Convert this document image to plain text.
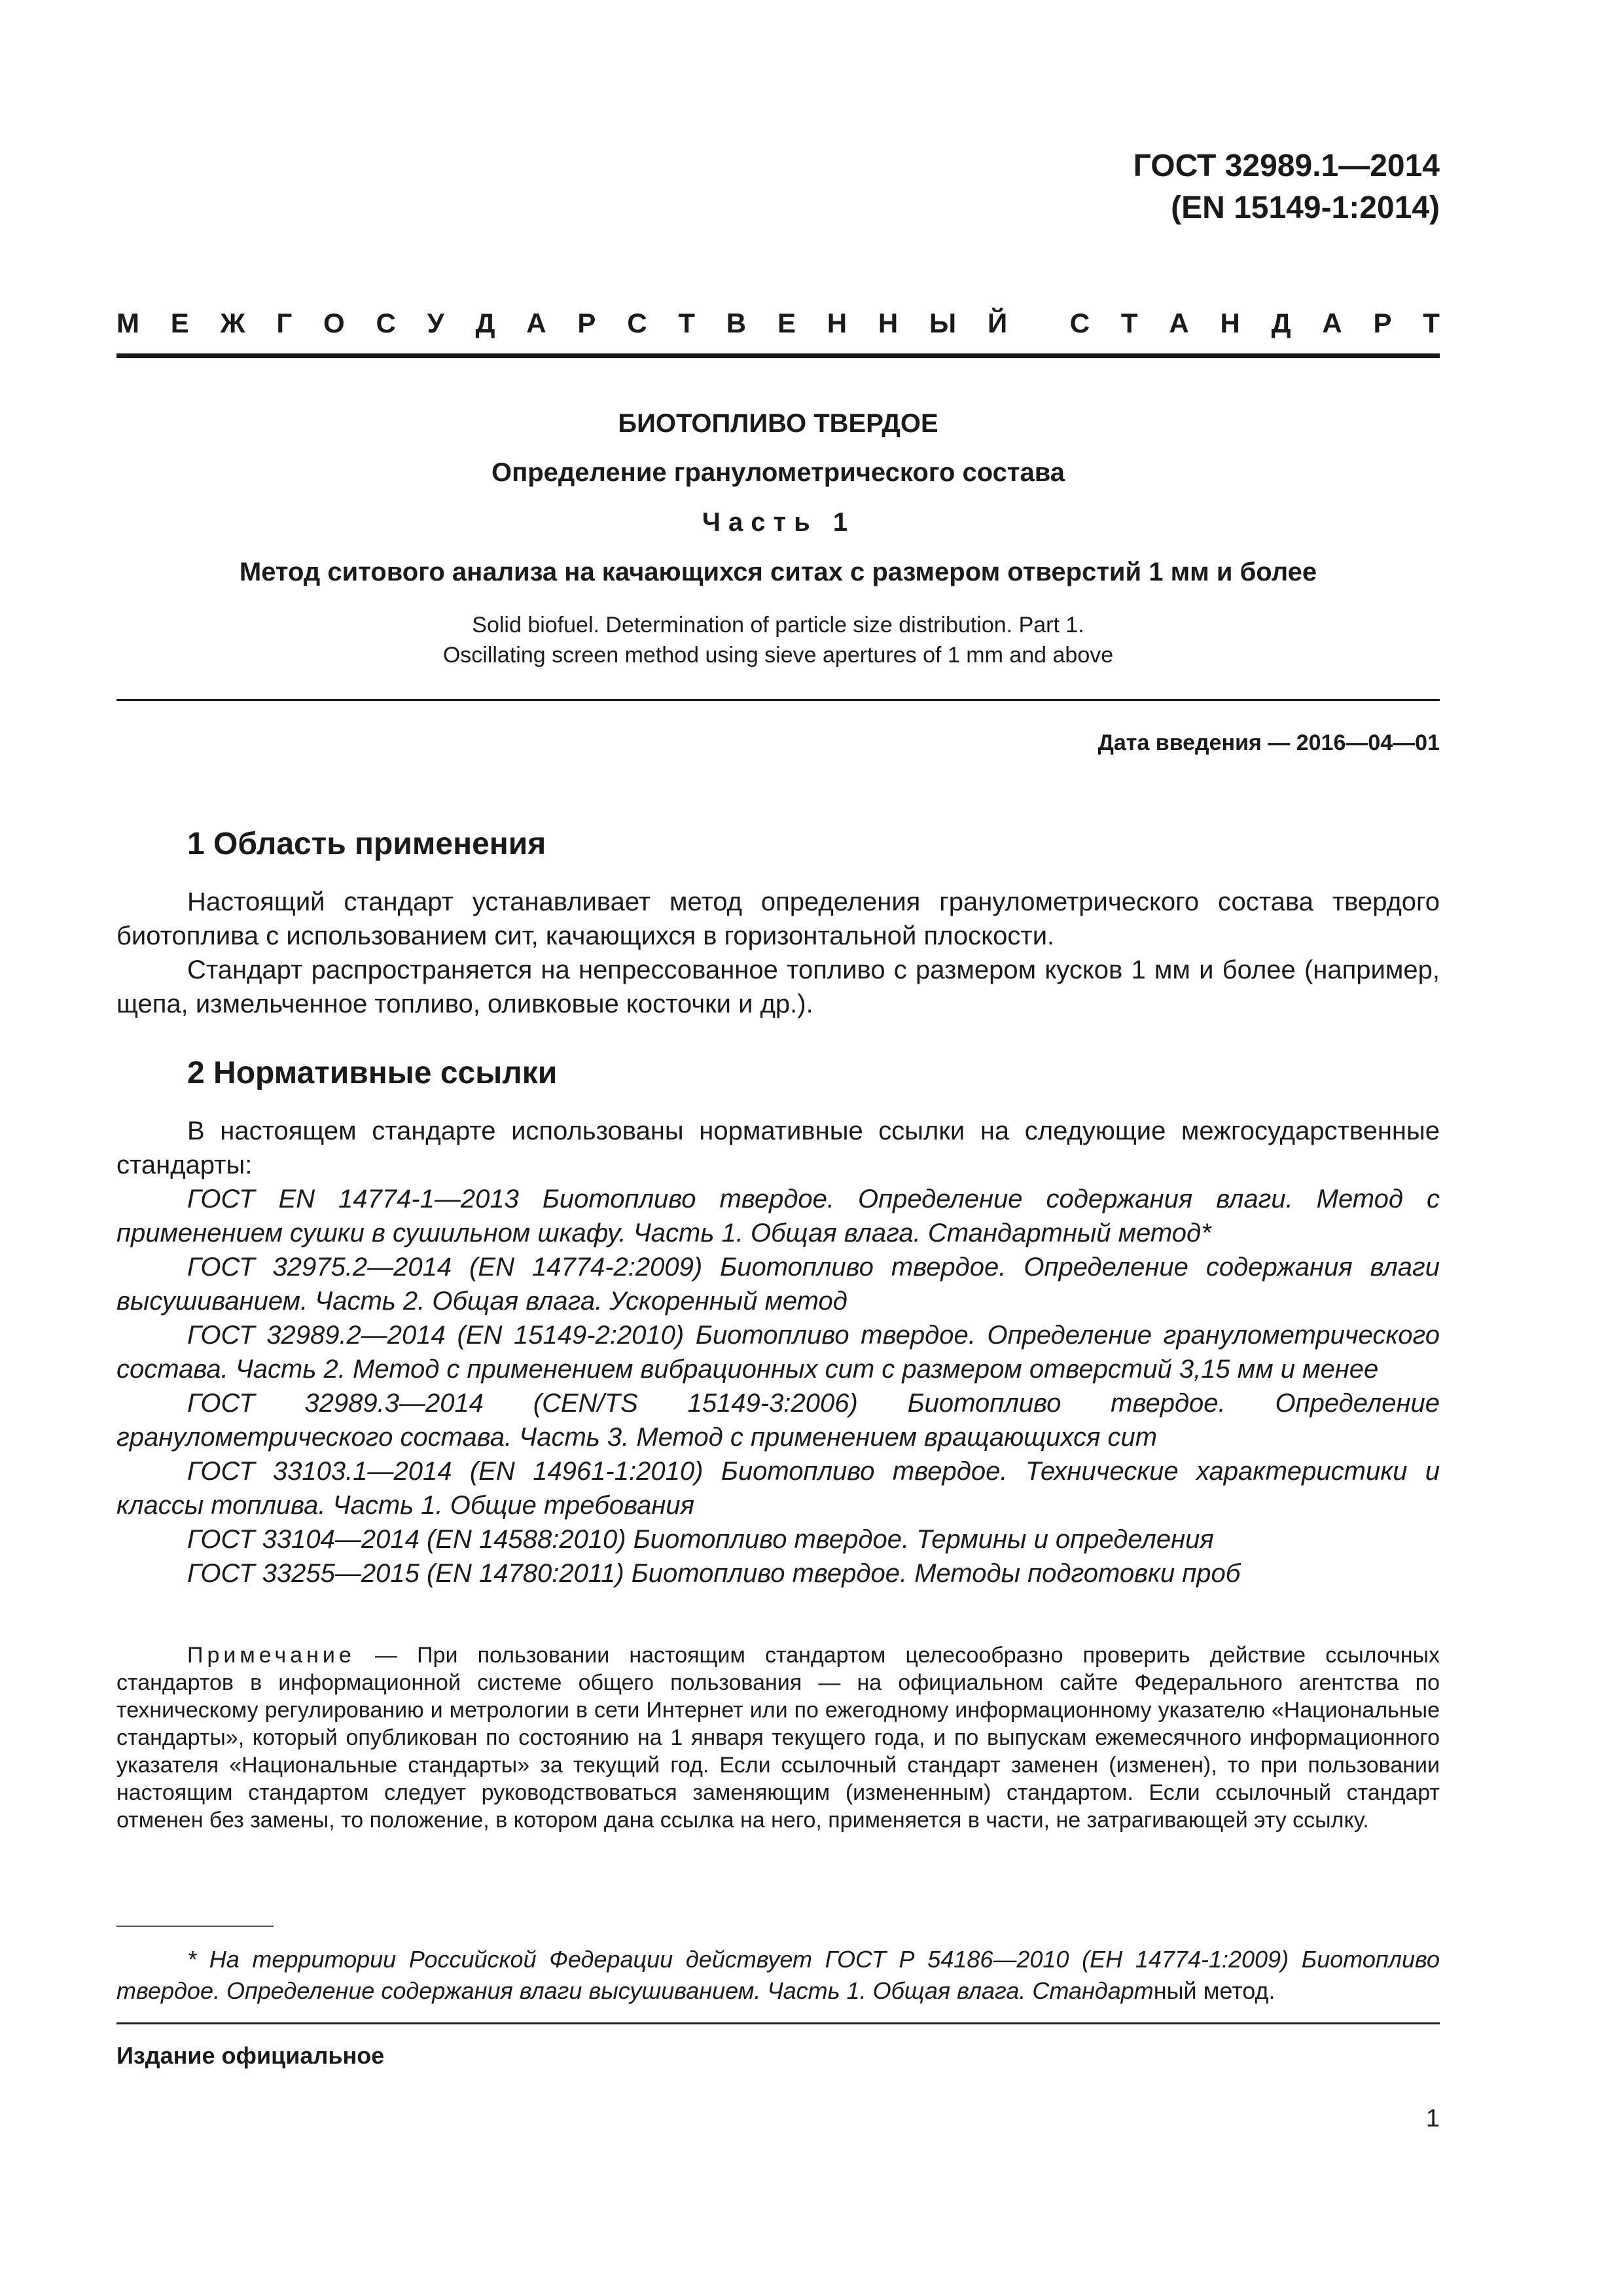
ГОСТ 32989.1—2014
(EN 15149-1:2014)
М Е Ж Г О С У Д А Р С Т В Е Н Н Ы Й С Т А Н Д А Р Т
БИОТОПЛИВО ТВЕРДОЕ
Определение гранулометрического состава
Часть 1
Метод ситового анализа на качающихся ситах с размером отверстий 1 мм и более
Solid biofuel. Determination of particle size distribution. Part 1.
Oscillating screen method using sieve apertures of 1 mm and above
Дата введения — 2016—04—01
1 Область применения

Настоящий стандарт устанавливает метод определения гранулометрического состава твердого биотоплива с использованием сит, качающихся в горизонтальной плоскости.

Стандарт распространяется на непрессованное топливо с размером кусков 1 мм и более (например, щепа, измельченное топливо, оливковые косточки и др.).

2 Нормативные ссылки

В настоящем стандарте использованы нормативные ссылки на следующие межгосударственные стандарты:

ГОСТ EN 14774-1—2013 Биотопливо твердое. Определение содержания влаги. Метод с применением сушки в сушильном шкафу. Часть 1. Общая влага. Стандартный метод*

ГОСТ 32975.2—2014 (EN 14774-2:2009) Биотопливо твердое. Определение содержания влаги высушиванием. Часть 2. Общая влага. Ускоренный метод

ГОСТ 32989.2—2014 (EN 15149-2:2010) Биотопливо твердое. Определение гранулометрического состава. Часть 2. Метод с применением вибрационных сит с размером отверстий 3,15 мм и менее

ГОСТ 32989.3—2014 (CEN/TS 15149-3:2006) Биотопливо твердое. Определение гранулометрического состава. Часть 3. Метод с применением вращающихся сит

ГОСТ 33103.1—2014 (EN 14961-1:2010) Биотопливо твердое. Технические характеристики и классы топлива. Часть 1. Общие требования

ГОСТ 33104—2014 (EN 14588:2010) Биотопливо твердое. Термины и определения

ГОСТ 33255—2015 (EN 14780:2011) Биотопливо твердое. Методы подготовки проб

Примечание — При пользовании настоящим стандартом целесообразно проверить действие ссылочных стандартов в информационной системе общего пользования — на официальном сайте Федерального агентства по техническому регулированию и метрологии в сети Интернет или по ежегодному информационному указателю «Национальные стандарты», который опубликован по состоянию на 1 января текущего года, и по выпускам ежемесячного информационного указателя «Национальные стандарты» за текущий год. Если ссылочный стандарт заменен (изменен), то при пользовании настоящим стандартом следует руководствоваться заменяющим (измененным) стандартом. Если ссылочный стандарт отменен без замены, то положение, в котором дана ссылка на него, применяется в части, не затрагивающей эту ссылку.

* На территории Российской Федерации действует ГОСТ Р 54186—2010 (ЕН 14774-1:2009) Биотопливо твердое. Определение содержания влаги высушиванием. Часть 1. Общая влага. Стандартный метод.

Издание официальное
1
